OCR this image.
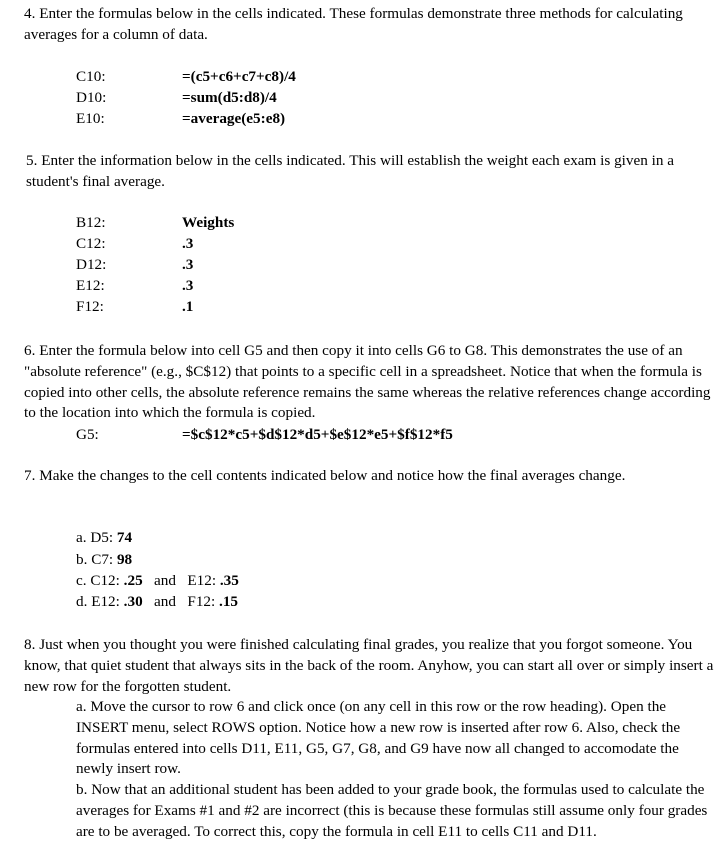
4. Enter the formulas below in the cells indicated. These formulas demonstrate three methods for calculating averages for a column of data.

C10:	=(c5+c6+c7+c8)/4
D10:	=sum(d5:d8)/4
E10:	=average(e5:e8)

5. Enter the information below in the cells indicated. This will establish the weight each exam is given in a student's final average.

B12:	Weights
C12:	.3
D12:	.3
E12:	.3
F12:	.1

6. Enter the formula below into cell G5 and then copy it into cells G6 to G8. This demonstrates the use of an "absolute reference" (e.g., $C$12) that points to a specific cell in a spreadsheet. Notice that when the formula is copied into other cells, the absolute reference remains the same whereas the relative references change according to the location into which the formula is copied.

G5:	=$c$12*c5+$d$12*d5+$e$12*e5+$f$12*f5

7. Make the changes to the cell contents indicated below and notice how the final averages change.

a. D5: 74
b. C7: 98
c. C12: .25 and E12: .35
d. E12: .30 and F12: .15

8. Just when you thought you were finished calculating final grades, you realize that you forgot someone. You know, that quiet student that always sits in the back of the room. Anyhow, you can start all over or simply insert a new row for the forgotten student.

a. Move the cursor to row 6 and click once (on any cell in this row or the row heading). Open the INSERT menu, select ROWS option. Notice how a new row is inserted after row 6. Also, check the formulas entered into cells D11, E11, G5, G7, G8, and G9 have now all changed to accomodate the newly insert row.

b. Now that an additional student has been added to your grade book, the formulas used to calculate the averages for Exams #1 and #2 are incorrect (this is because these formulas still assume only four grades are to be averaged. To correct this, copy the formula in cell E11 to cells C11 and D11.
